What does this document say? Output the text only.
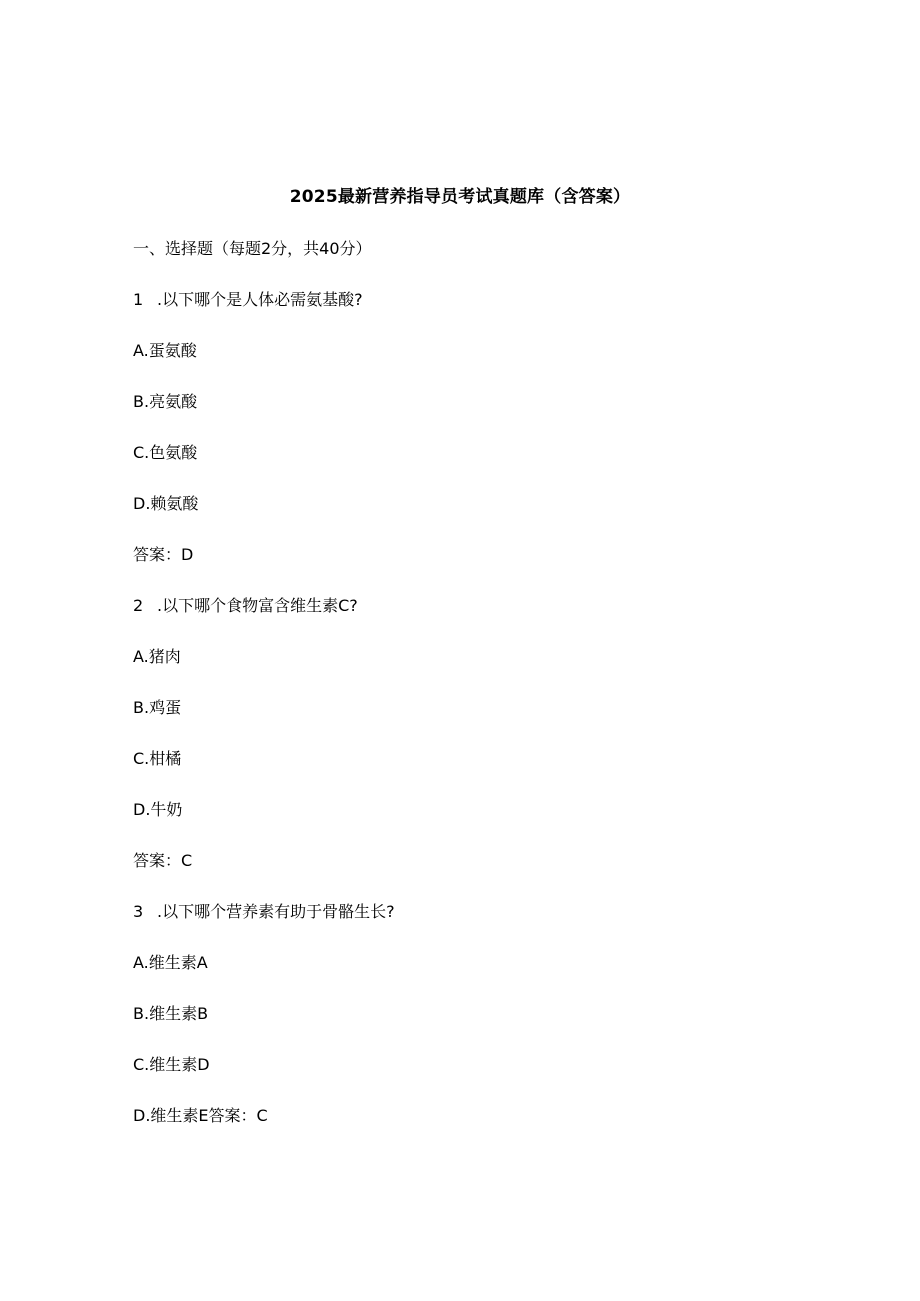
2025最新营养指导员考试真题库（含答案）
一、选择题（每题2分，共40分）
1 .以下哪个是人体必需氨基酸?
A.蛋氨酸
B.亮氨酸
C.色氨酸
D.赖氨酸
答案：D
2 .以下哪个食物富含维生素C?
A.猪肉
B.鸡蛋
C.柑橘
D.牛奶
答案：C
3 .以下哪个营养素有助于骨骼生长?
A.维生素A
B.维生素B
C.维生素D
D.维生素E答案：C
